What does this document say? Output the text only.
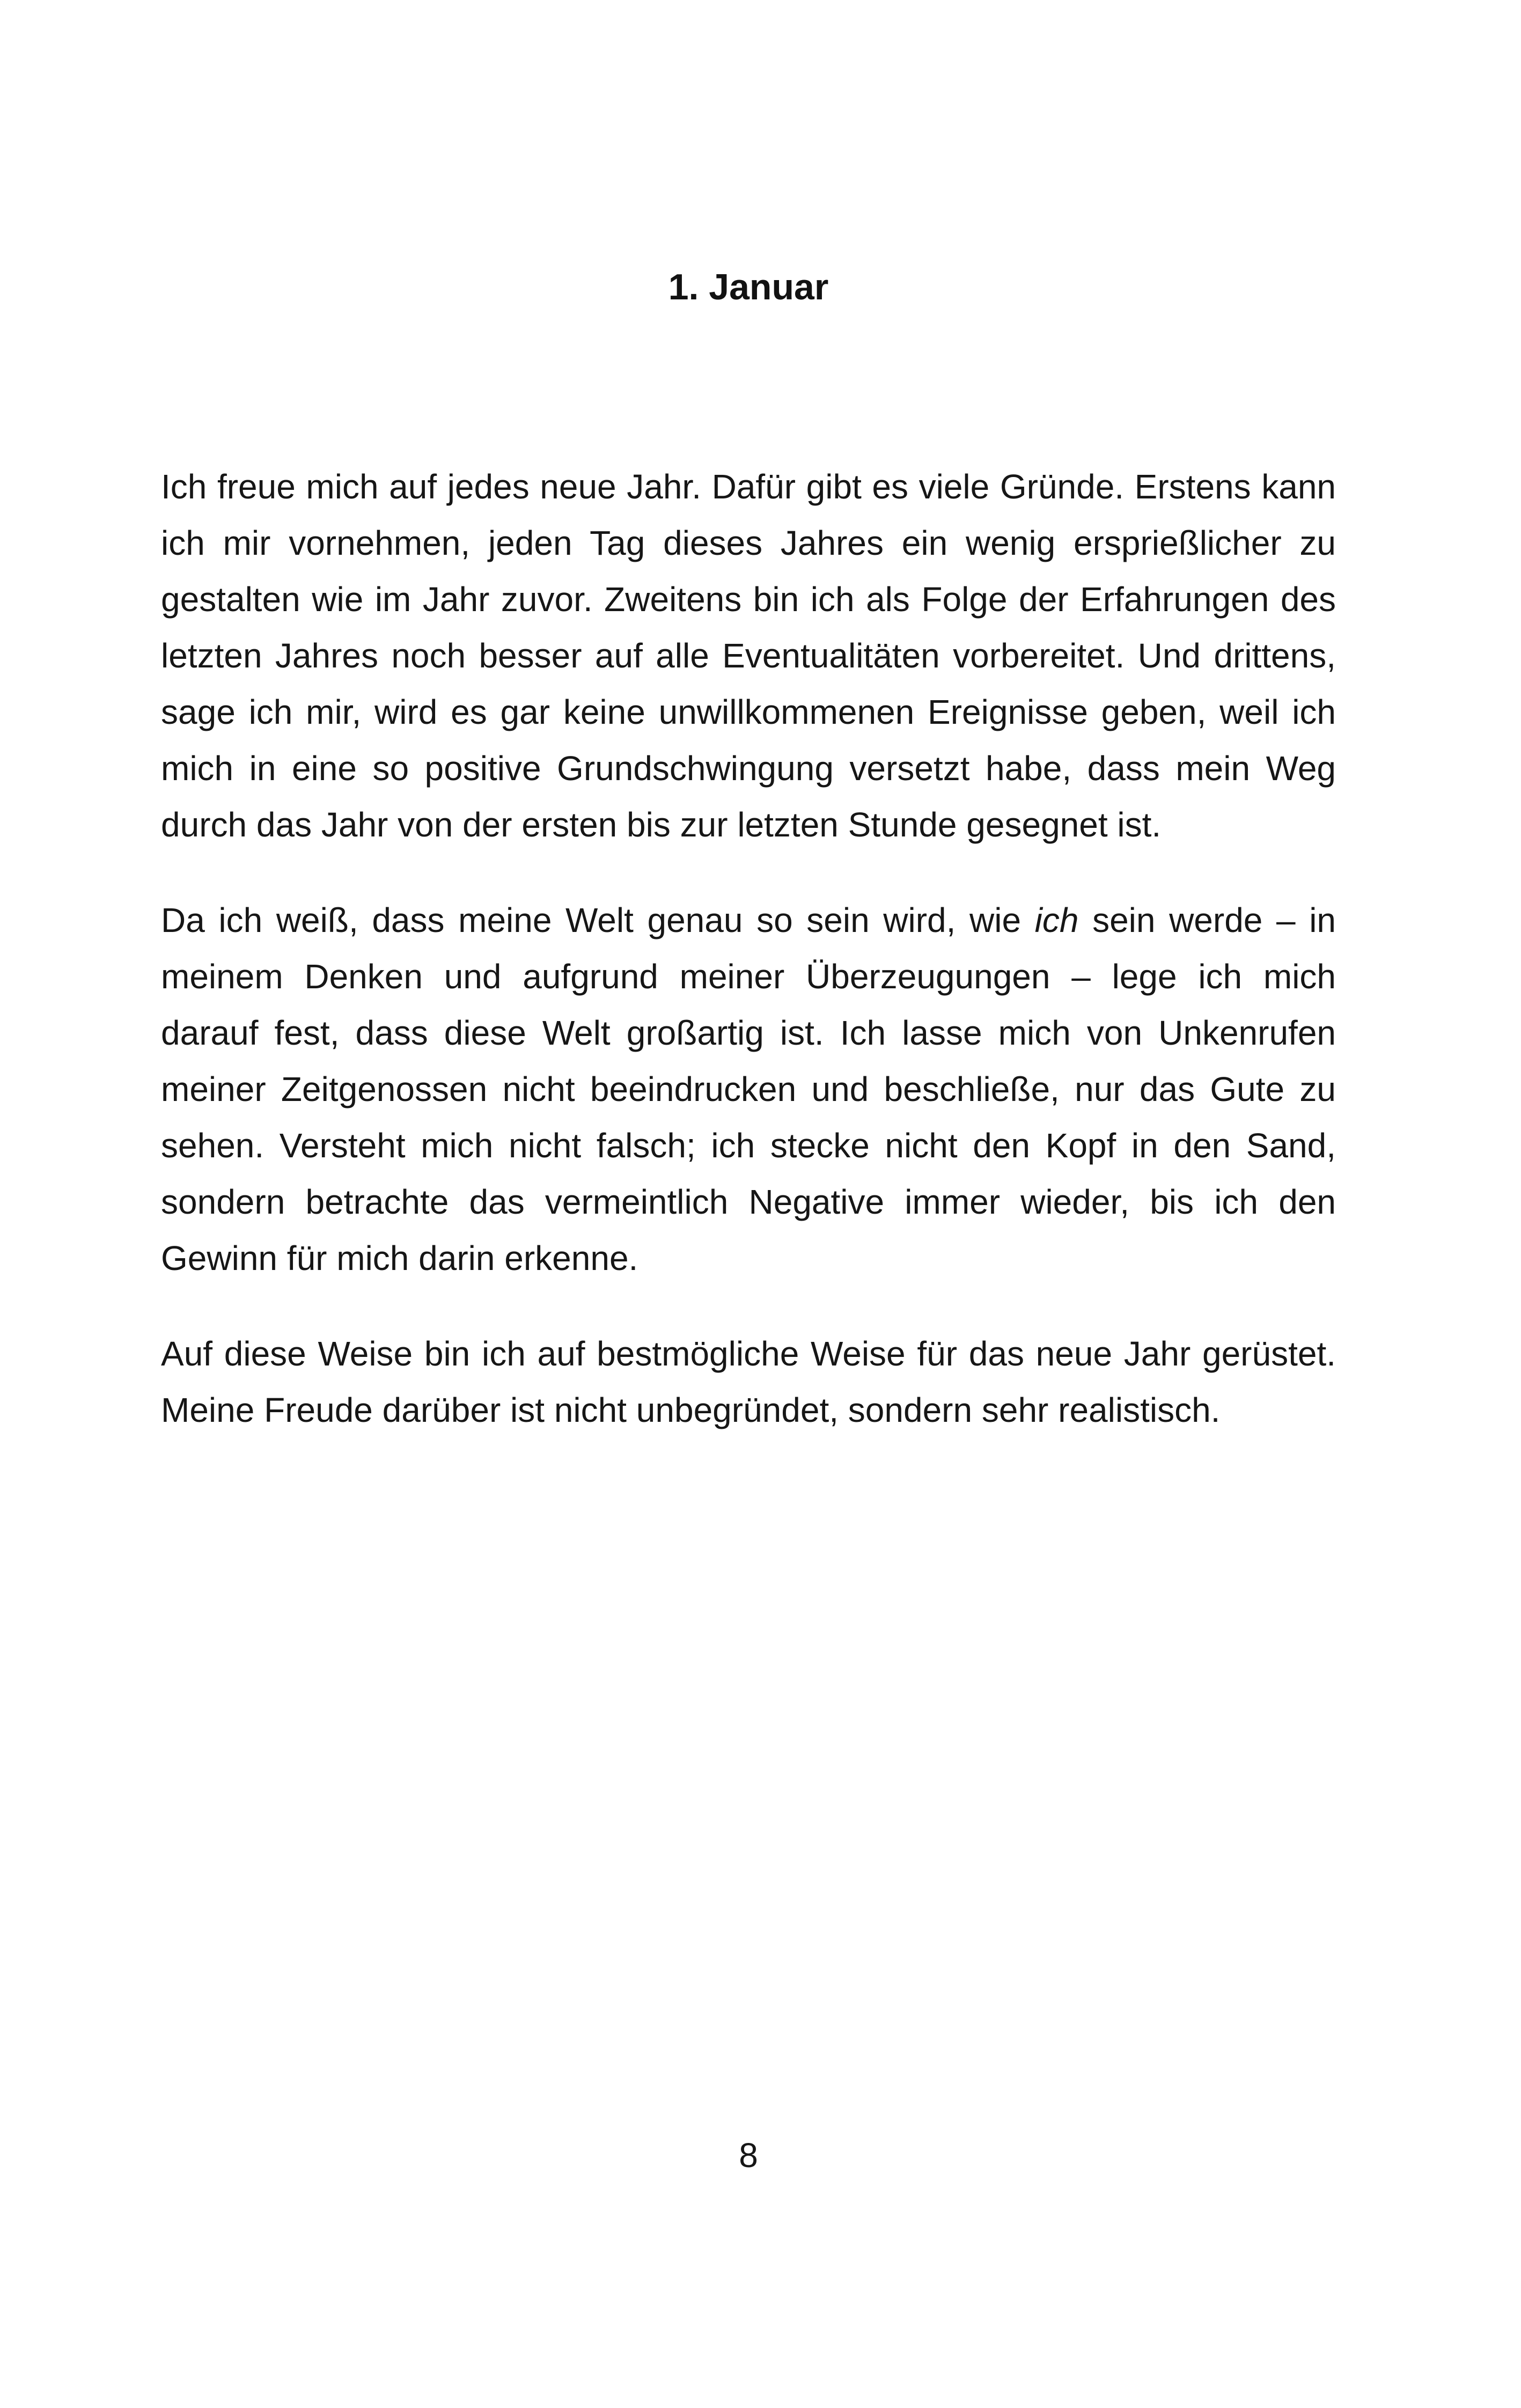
1. Januar

Ich freue mich auf jedes neue Jahr. Dafür gibt es viele Gründe. Erstens kann ich mir vornehmen, jeden Tag dieses Jahres ein wenig ersprießlicher zu gestalten wie im Jahr zuvor. Zweitens bin ich als Folge der Erfahrungen des letzten Jahres noch besser auf alle Eventualitäten vorbereitet. Und drittens, sage ich mir, wird es gar keine unwillkommenen Ereignisse geben, weil ich mich in eine so positive Grundschwingung versetzt habe, dass mein Weg durch das Jahr von der ersten bis zur letzten Stunde gesegnet ist.

Da ich weiß, dass meine Welt genau so sein wird, wie ich sein werde – in meinem Denken und aufgrund meiner Überzeugungen – lege ich mich darauf fest, dass diese Welt großartig ist. Ich lasse mich von Unkenrufen meiner Zeitgenossen nicht beeindrucken und beschließe, nur das Gute zu sehen. Versteht mich nicht falsch; ich stecke nicht den Kopf in den Sand, sondern betrachte das vermeintlich Negative immer wieder, bis ich den Gewinn für mich darin erkenne.

Auf diese Weise bin ich auf bestmögliche Weise für das neue Jahr gerüstet. Meine Freude darüber ist nicht unbegründet, sondern sehr realistisch.

8
